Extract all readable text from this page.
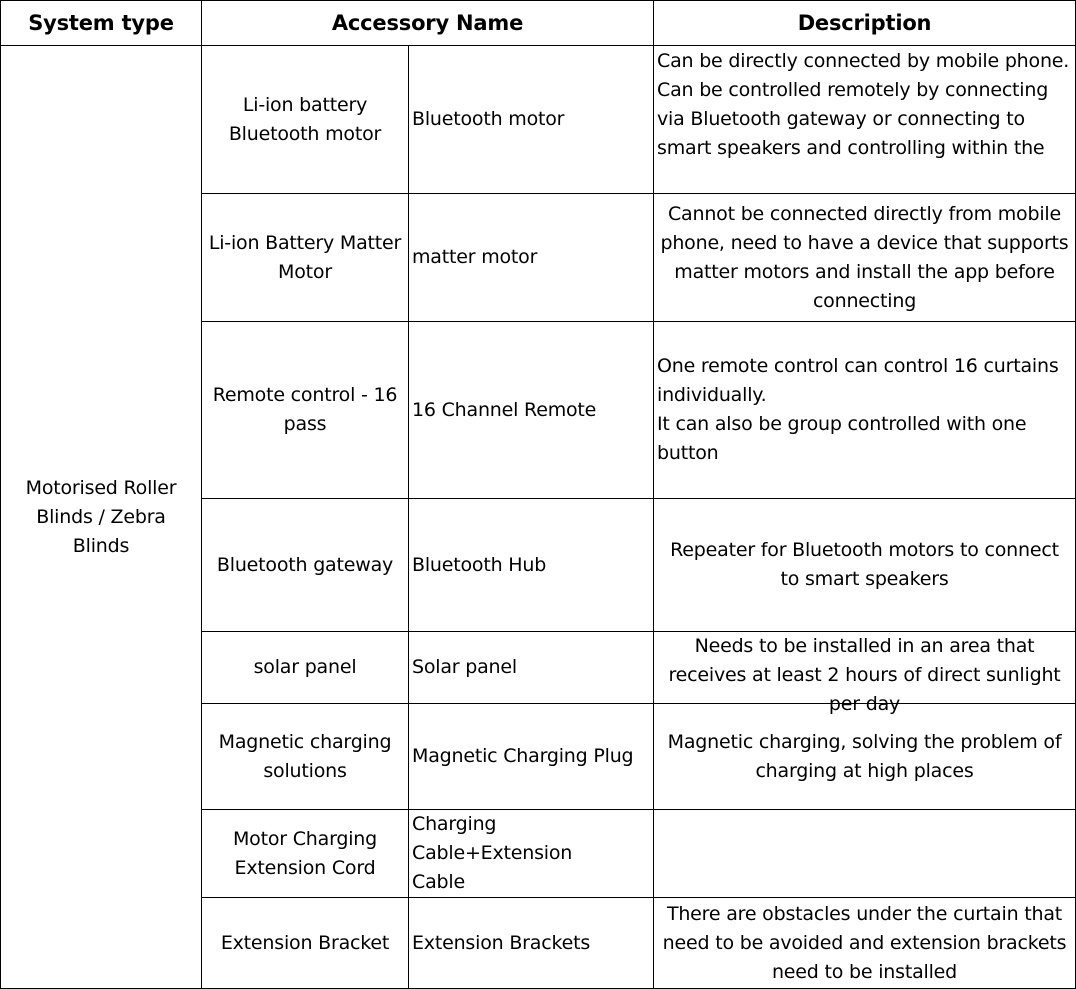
System type	Accessory Name		Description
Motorised Roller Blinds / Zebra Blinds	Li-ion battery Bluetooth motor	Bluetooth motor	Can be directly connected by mobile phone.
Can be controlled remotely by connecting via Bluetooth gateway or connecting to smart speakers and controlling within the

	Li-ion Battery Matter Motor	matter motor	Cannot be connected directly from mobile phone, need to have a device that supports matter motors and install the app before connecting
	Remote control - 16 pass	16 Channel Remote	One remote control can control 16 curtains individually.
It can also be group controlled with one button

	Bluetooth gateway	Bluetooth Hub	Repeater for Bluetooth motors to connect to smart speakers
	solar panel	Solar panel	Needs to be installed in an area that receives at least 2 hours of direct sunlight per day

	Magnetic charging solutions	Magnetic Charging Plug	Magnetic charging, solving the problem of charging at high places

	Motor Charging Extension Cord	Charging Cable+Extension Cable	
	Extension Bracket	Extension Brackets	There are obstacles under the curtain that need to be avoided and extension brackets need to be installed
